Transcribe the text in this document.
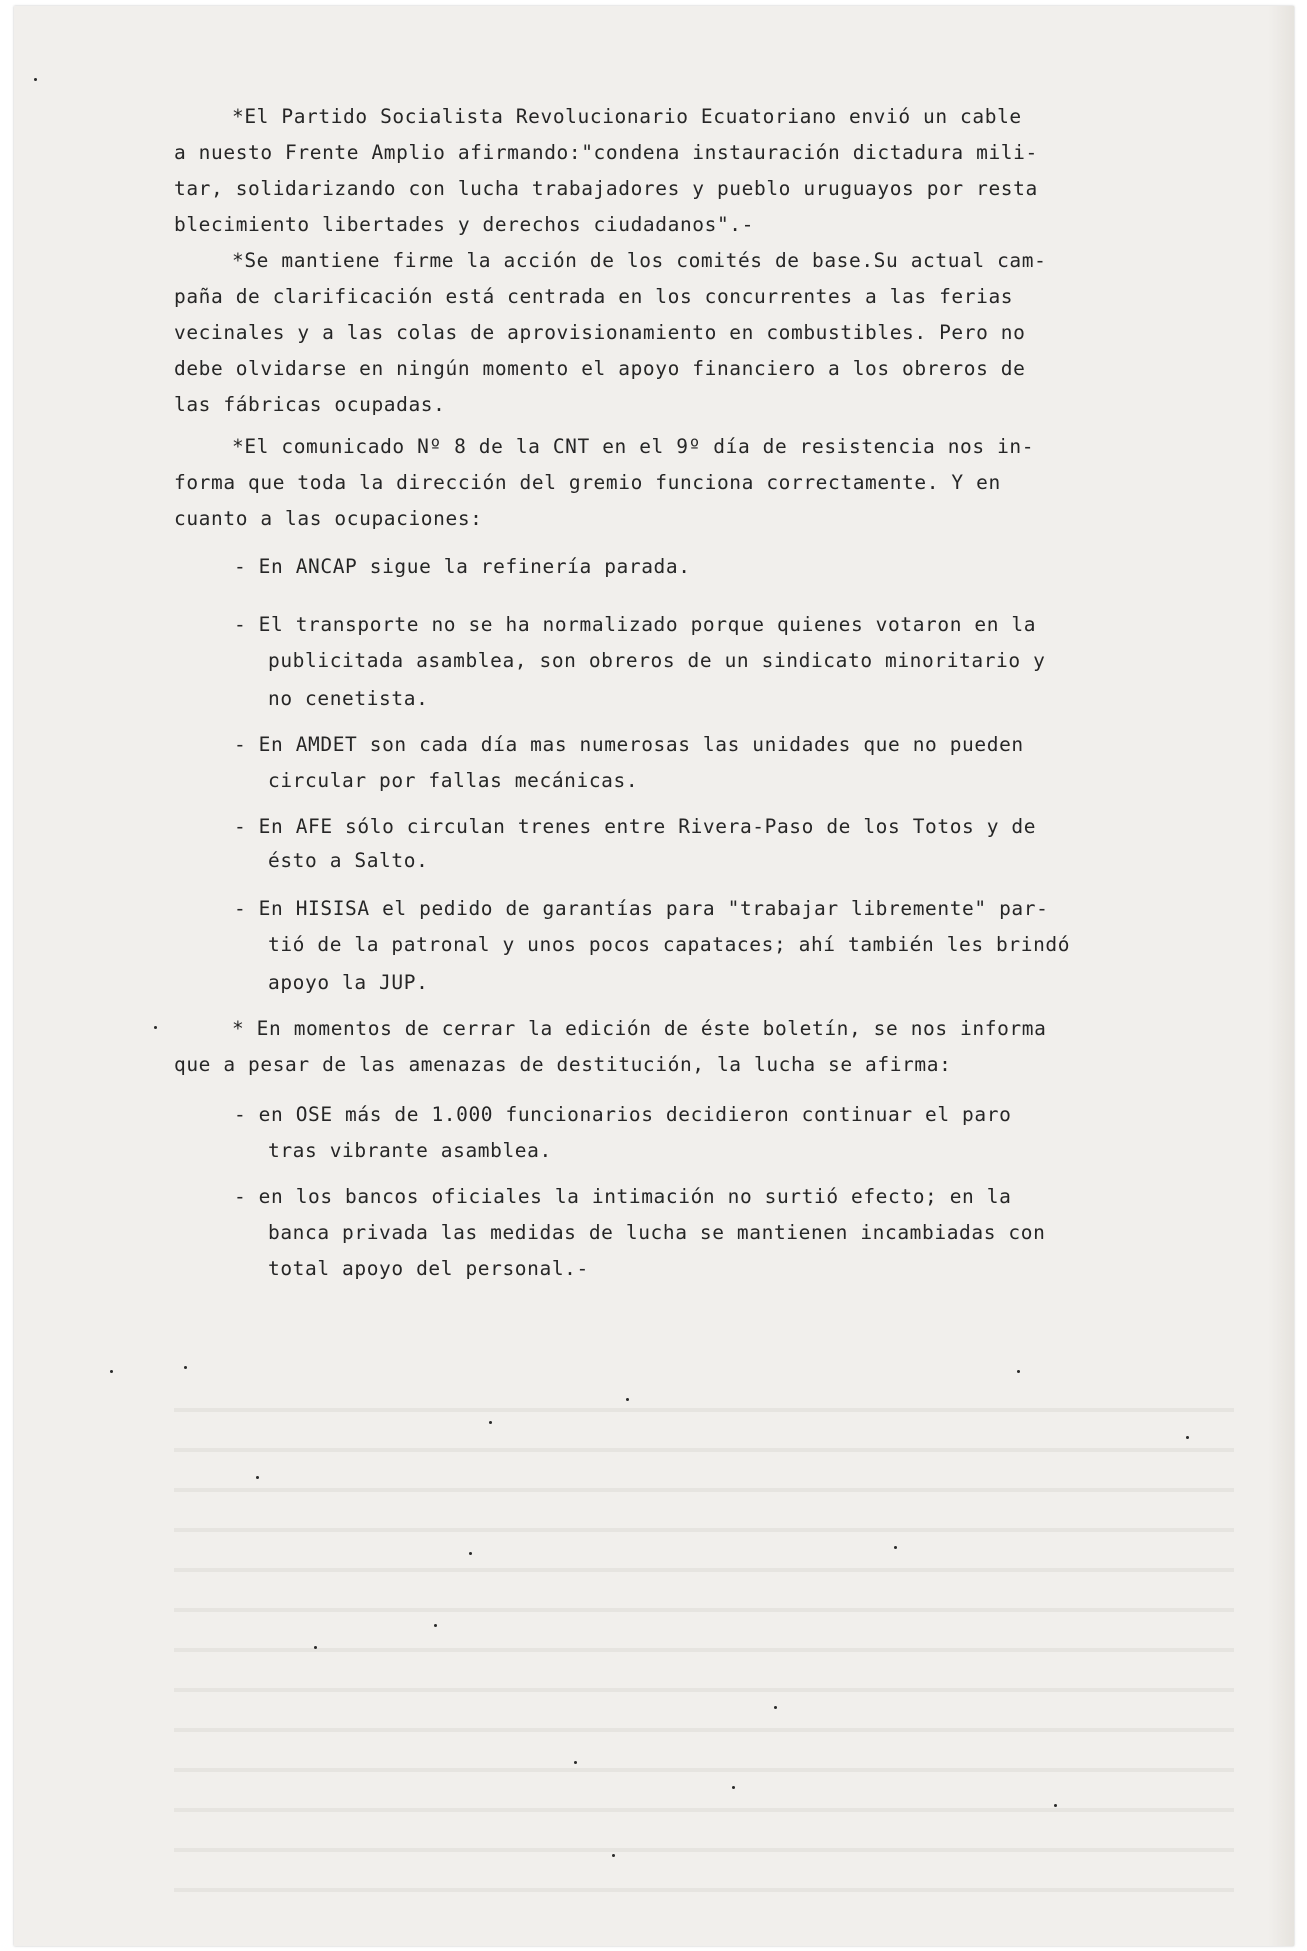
*El Partido Socialista Revolucionario Ecuatoriano envió un cable
a nuesto Frente Amplio afirmando:"condena instauración dictadura mili-
tar, solidarizando con lucha trabajadores y pueblo uruguayos por resta
blecimiento libertades y derechos ciudadanos".-
*Se mantiene firme la acción de los comités de base.Su actual cam-
paña de clarificación está centrada en los concurrentes a las ferias
vecinales y a las colas de aprovisionamiento en combustibles. Pero no
debe olvidarse en ningún momento el apoyo financiero a los obreros de
las fábricas ocupadas.
*El comunicado Nº 8 de la CNT en el 9º día de resistencia nos in-
forma que toda la dirección del gremio funciona correctamente. Y en
cuanto a las ocupaciones:
- En ANCAP sigue la refinería parada.
- El transporte no se ha normalizado porque quienes votaron en la
publicitada asamblea, son obreros de un sindicato minoritario y
no cenetista.
- En AMDET son cada día mas numerosas las unidades que no pueden
circular por fallas mecánicas.
- En AFE sólo circulan trenes entre Rivera-Paso de los Totos y de
ésto a Salto.
- En HISISA el pedido de garantías para "trabajar libremente" par-
tió de la patronal y unos pocos capataces; ahí también les brindó
apoyo la JUP.
* En momentos de cerrar la edición de éste boletín, se nos informa
que a pesar de las amenazas de destitución, la lucha se afirma:
- en OSE más de 1.000 funcionarios decidieron continuar el paro
tras vibrante asamblea.
- en los bancos oficiales la intimación no surtió efecto; en la
banca privada las medidas de lucha se mantienen incambiadas con
total apoyo del personal.-
